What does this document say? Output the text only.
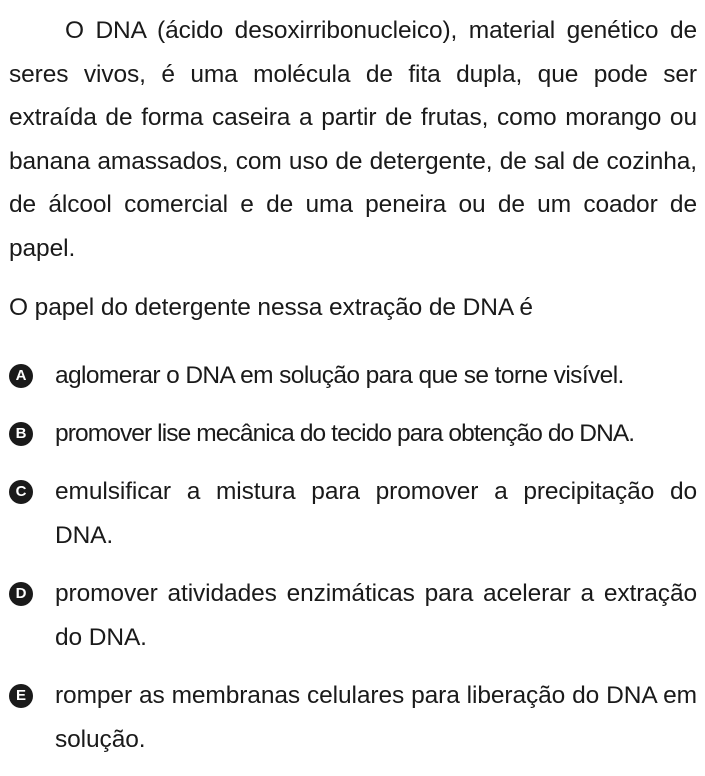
O DNA (ácido desoxirribonucleico), material genético de seres vivos, é uma molécula de fita dupla, que pode ser extraída de forma caseira a partir de frutas, como morango ou banana amassados, com uso de detergente, de sal de cozinha, de álcool comercial e de uma peneira ou de um coador de papel.

O papel do detergente nessa extração de DNA é

A aglomerar o DNA em solução para que se torne visível.
B promover lise mecânica do tecido para obtenção do DNA.
C emulsificar a mistura para promover a precipitação do DNA.
D promover atividades enzimáticas para acelerar a extração do DNA.
E romper as membranas celulares para liberação do DNA em solução.
